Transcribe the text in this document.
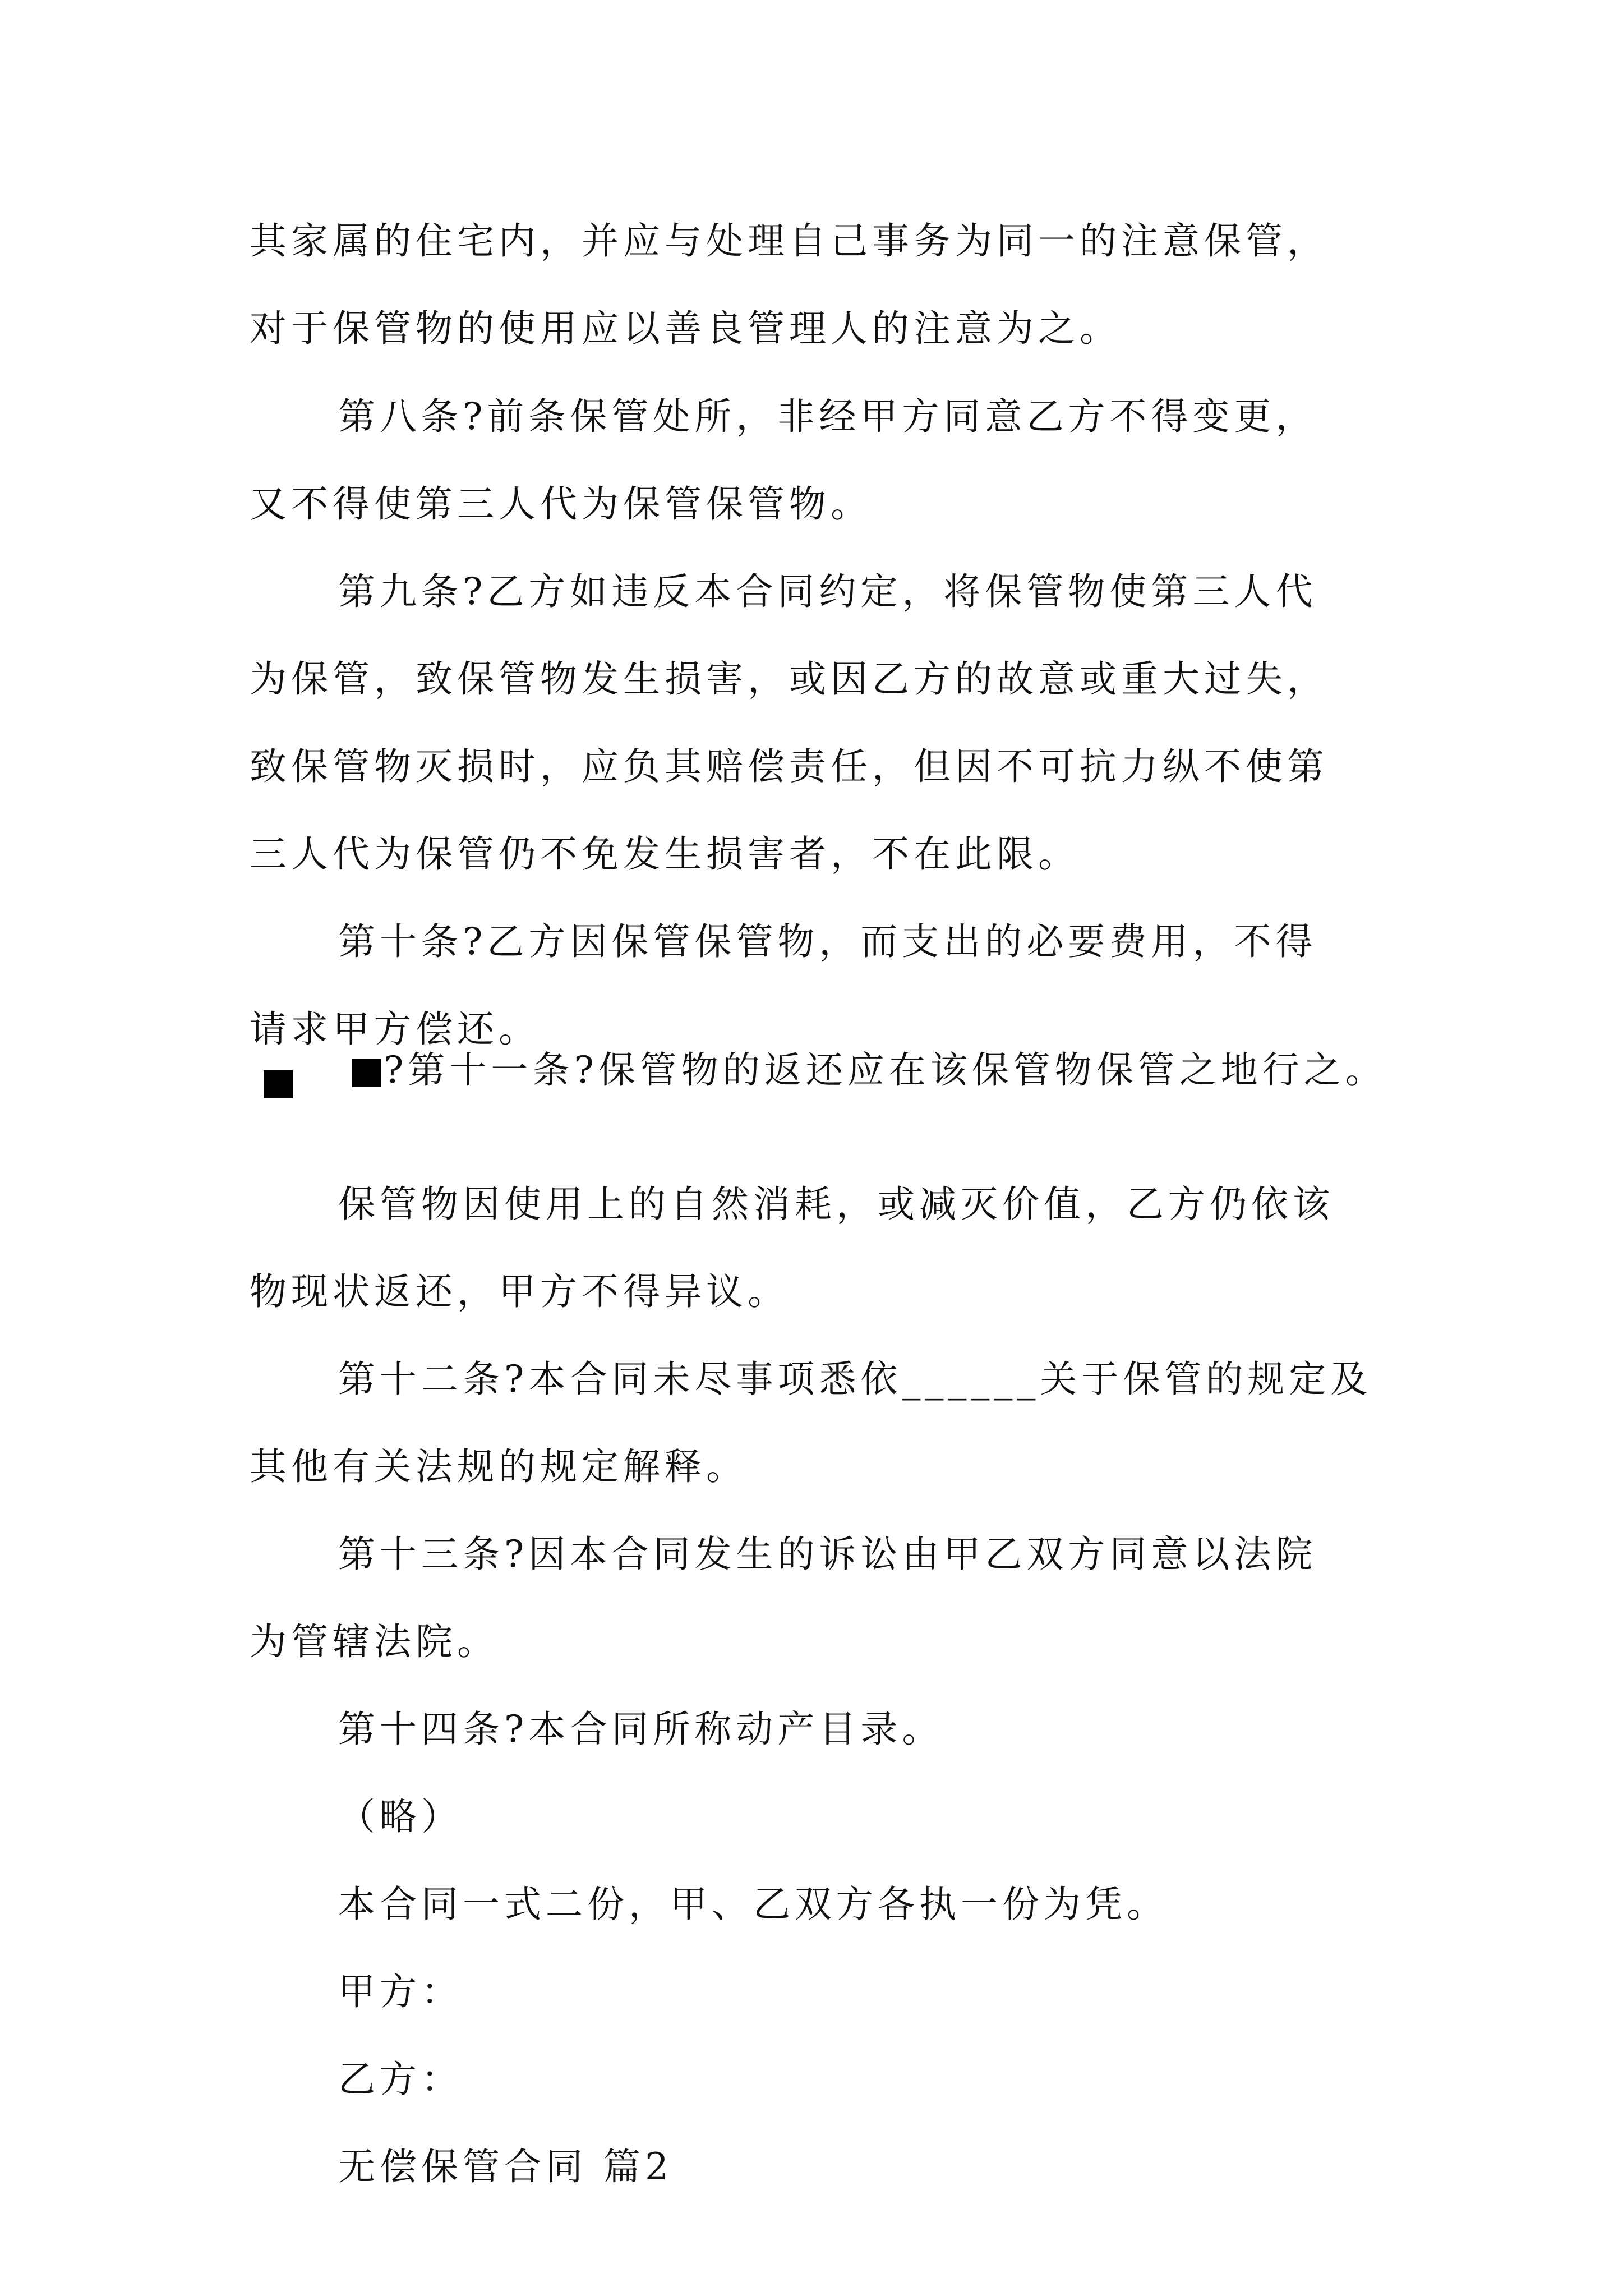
其家属的住宅内，并应与处理自己事务为同一的注意保管，
对于保管物的使用应以善良管理人的注意为之。
第八条?前条保管处所，非经甲方同意乙方不得变更，
又不得使第三人代为保管保管物。
第九条?乙方如违反本合同约定，将保管物使第三人代
为保管，致保管物发生损害，或因乙方的故意或重大过失，
致保管物灭损时，应负其赔偿责任，但因不可抗力纵不使第
三人代为保管仍不免发生损害者，不在此限。
第十条?乙方因保管保管物，而支出的必要费用，不得
请求甲方偿还。
?第十一条?保管物的返还应在该保管物保管之地行之。
保管物因使用上的自然消耗，或减灭价值，乙方仍依该
物现状返还，甲方不得异议。
第十二条?本合同未尽事项悉依______关于保管的规定及
其他有关法规的规定解释。
第十三条?因本合同发生的诉讼由甲乙双方同意以法院
为管辖法院。
第十四条?本合同所称动产目录。
（略）
本合同一式二份，甲、乙双方各执一份为凭。
甲方：
乙方：
无偿保管合同 篇2
